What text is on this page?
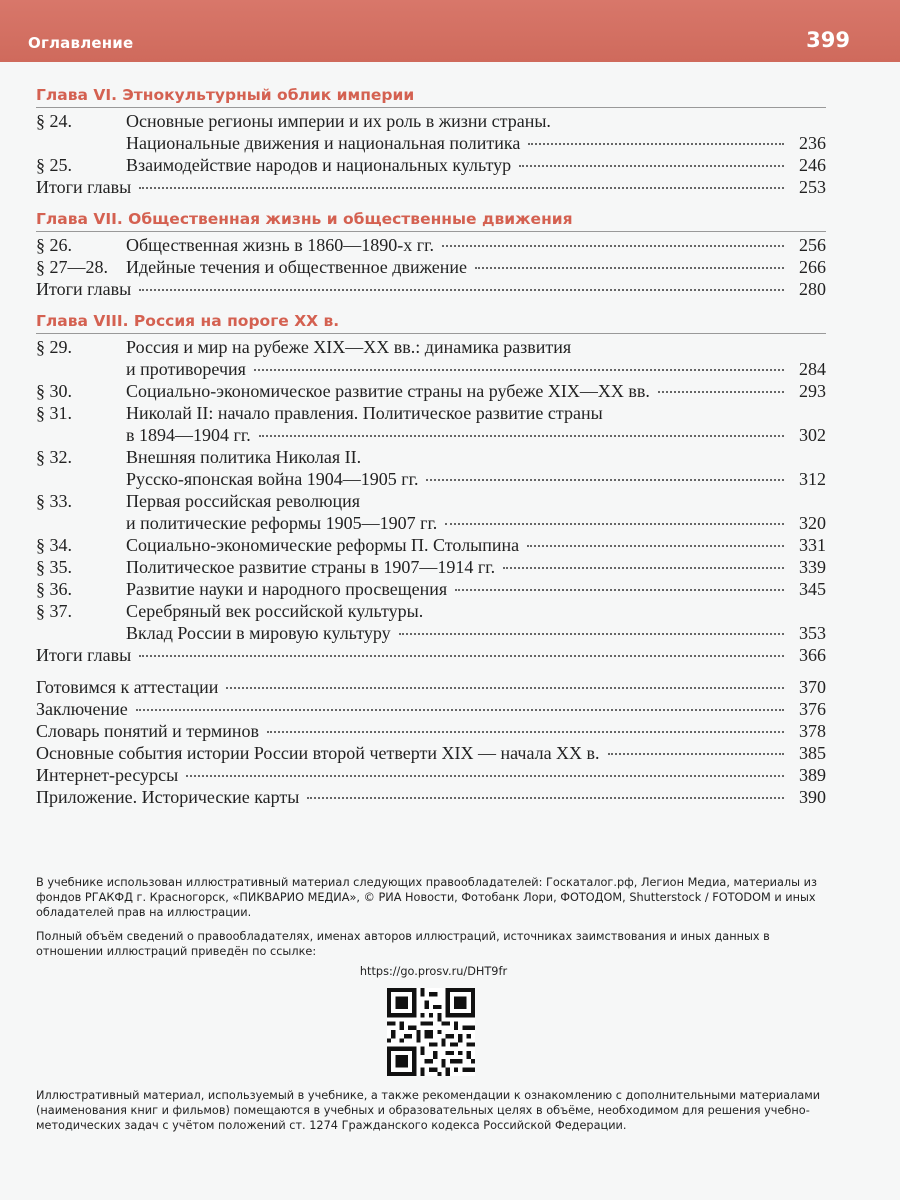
Оглавление	399
Глава VI. Этнокультурный облик империи
§ 24.	Основные регионы империи и их роль в жизни страны.
Национальные движения и национальная политика	236
§ 25.	Взаимодействие народов и национальных культур	246
Итоги главы	253
Глава VII. Общественная жизнь и общественные движения
§ 26.	Общественная жизнь в 1860—1890-х гг.	256
§ 27—28.	Идейные течения и общественное движение	266
Итоги главы	280
Глава VIII. Россия на пороге XX в.
§ 29.	Россия и мир на рубеже XIX—XX вв.: динамика развития
и противоречия	284
§ 30.	Социально-экономическое развитие страны на рубеже XIX—XX вв.	293
§ 31.	Николай II: начало правления. Политическое развитие страны
в 1894—1904 гг.	302
§ 32.	Внешняя политика Николая II.
Русско-японская война 1904—1905 гг.	312
§ 33.	Первая российская революция
и политические реформы 1905—1907 гг.	320
§ 34.	Социально-экономические реформы П. Столыпина	331
§ 35.	Политическое развитие страны в 1907—1914 гг.	339
§ 36.	Развитие науки и народного просвещения	345
§ 37.	Серебряный век российской культуры.
Вклад России в мировую культуру	353
Итоги главы	366
Готовимся к аттестации	370
Заключение	376
Словарь понятий и терминов	378
Основные события истории России второй четверти XIX — начала XX в.	385
Интернет-ресурсы	389
Приложение. Исторические карты	390

В учебнике использован иллюстративный материал следующих правообладателей: Госкаталог.рф, Легион Медиа, материалы из фондов РГАКФД г. Красногорск, «ПИКВАРИО МЕДИА», © РИА Новости, Фотобанк Лори, ФОТОДОМ, Shutterstock / FOTODOM и иных обладателей прав на иллюстрации.

Полный объём сведений о правообладателях, именах авторов иллюстраций, источниках заимствования и иных данных в отношении иллюстраций приведён по ссылке:

https://go.prosv.ru/DHT9fr
Иллюстративный материал, используемый в учебнике, а также рекомендации к ознакомлению с дополнительными материалами (наименования книг и фильмов) помещаются в учебных и образовательных целях в объёме, необходимом для решения учебно-методических задач с учётом положений ст. 1274 Гражданского кодекса Российской Федерации.
